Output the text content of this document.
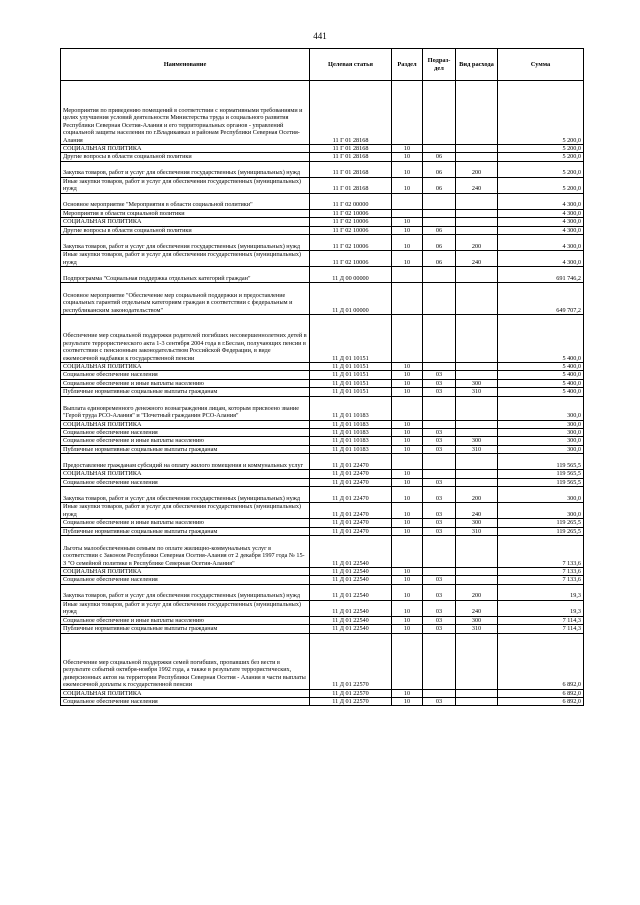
441
Наименование	Целевая статья	Раздел	Подраз-дел	Вид расхода	Сумма
Мероприятия по приведению помещений в соответствии с нормативными требованиями и целях улучшения условий деятельности Министерства труда и социального развития Республики Северная Осетия-Алания и его территориальных органов - управлений социальной защиты населения по г.Владикавказ и районам Республики Северная Осетия-Алания	11 Г 01 28168				5 200,0
СОЦИАЛЬНАЯ ПОЛИТИКА	11 Г 01 28168	10			5 200,0
Другие вопросы в области социальной политики	11 Г 01 28168	10	06		5 200,0
Закупка товаров, работ и услуг для обеспечения государственных (муниципальных) нужд	11 Г 01 28168	10	06	200	5 200,0
Иные закупки товаров, работ и услуг для обеспечения государственных (муниципальных) нужд	11 Г 01 28168	10	06	240	5 200,0
Основное мероприятие "Мероприятия в области социальной политики"	11 Г 02 00000				4 300,0
Мероприятия в области социальной политики	11 Г 02 10006				4 300,0
СОЦИАЛЬНАЯ ПОЛИТИКА	11 Г 02 10006	10			4 300,0
Другие вопросы в области социальной политики	11 Г 02 10006	10	06		4 300,0
Закупка товаров, работ и услуг для обеспечения государственных (муниципальных) нужд	11 Г 02 10006	10	06	200	4 300,0
Иные закупки товаров, работ и услуг для обеспечения государственных (муниципальных) нужд	11 Г 02 10006	10	06	240	4 300,0
Подпрограмма "Социальная поддержка отдельных категорий граждан"	11 Д 00 00000				691 746,2
Основное мероприятие "Обеспечение мер социальной поддержки и предоставление социальных гарантий отдельным категориям граждан в соответствии с федеральным и республиканским законодательством"	11 Д 01 00000				649 707,2
Обеспечение мер социальной поддержки родителей погибших несовершеннолетних детей в результате террористического акта 1-3 сентября 2004 года в г.Беслан, получающих пенсии в соответствии с пенсионным законодательством Российской Федерации, в виде ежемесячной надбавки к государственной пенсии	11 Д 01 10151				5 400,0
СОЦИАЛЬНАЯ ПОЛИТИКА	11 Д 01 10151	10			5 400,0
Социальное обеспечение населения	11 Д 01 10151	10	03		5 400,0
Социальное обеспечение и иные выплаты населению	11 Д 01 10151	10	03	300	5 400,0
Публичные нормативные социальные выплаты гражданам	11 Д 01 10151	10	03	310	5 400,0
Выплата единовременного денежного вознаграждения лицам, которым присвоено звание "Герой труда РСО-Алания" и "Почетный гражданин РСО-Алания"	11 Д 01 10183				300,0
СОЦИАЛЬНАЯ ПОЛИТИКА	11 Д 01 10183	10			300,0
Социальное обеспечение населения	11 Д 01 10183	10	03		300,0
Социальное обеспечение и иные выплаты населению	11 Д 01 10183	10	03	300	300,0
Публичные нормативные социальные выплаты гражданам	11 Д 01 10183	10	03	310	300,0
Предоставление гражданам субсидий на оплату жилого помещения и коммунальных услуг	11 Д 01 22470				119 565,5
СОЦИАЛЬНАЯ ПОЛИТИКА	11 Д 01 22470	10			119 565,5
Социальное обеспечение населения	11 Д 01 22470	10	03		119 565,5
Закупка товаров, работ и услуг для обеспечения государственных (муниципальных) нужд	11 Д 01 22470	10	03	200	300,0
Иные закупки товаров, работ и услуг для обеспечения государственных (муниципальных) нужд	11 Д 01 22470	10	03	240	300,0
Социальное обеспечение и иные выплаты населению	11 Д 01 22470	10	03	300	119 265,5
Публичные нормативные социальные выплаты гражданам	11 Д 01 22470	10	03	310	119 265,5
Льготы малообеспеченным семьям по оплате жилищно-коммунальных услуг в соответствии с Законом Республики Северная Осетия-Алания от 2 декабря 1997 года № 15-З "О семейной политике в Республике Северная Осетия-Алания"	11 Д 01 22540				7 133,6
СОЦИАЛЬНАЯ ПОЛИТИКА	11 Д 01 22540	10			7 133,6
Социальное обеспечение населения	11 Д 01 22540	10	03		7 133,6
Закупка товаров, работ и услуг для обеспечения государственных (муниципальных) нужд	11 Д 01 22540	10	03	200	19,3
Иные закупки товаров, работ и услуг для обеспечения государственных (муниципальных) нужд	11 Д 01 22540	10	03	240	19,3
Социальное обеспечение и иные выплаты населению	11 Д 01 22540	10	03	300	7 114,3
Публичные нормативные социальные выплаты гражданам	11 Д 01 22540	10	03	310	7 114,3
Обеспечение мер социальной поддержки семей погибших, пропавших без вести в результате событий октября-ноября 1992 года, а также в результате террористических, диверсионных актов на территории Республики Северная Осетия - Алания в части выплаты ежемесячной доплаты к государственной пенсии	11 Д 01 22570				6 892,0
СОЦИАЛЬНАЯ ПОЛИТИКА	11 Д 01 22570	10			6 892,0
Социальное обеспечение населения	11 Д 01 22570	10	03		6 892,0
